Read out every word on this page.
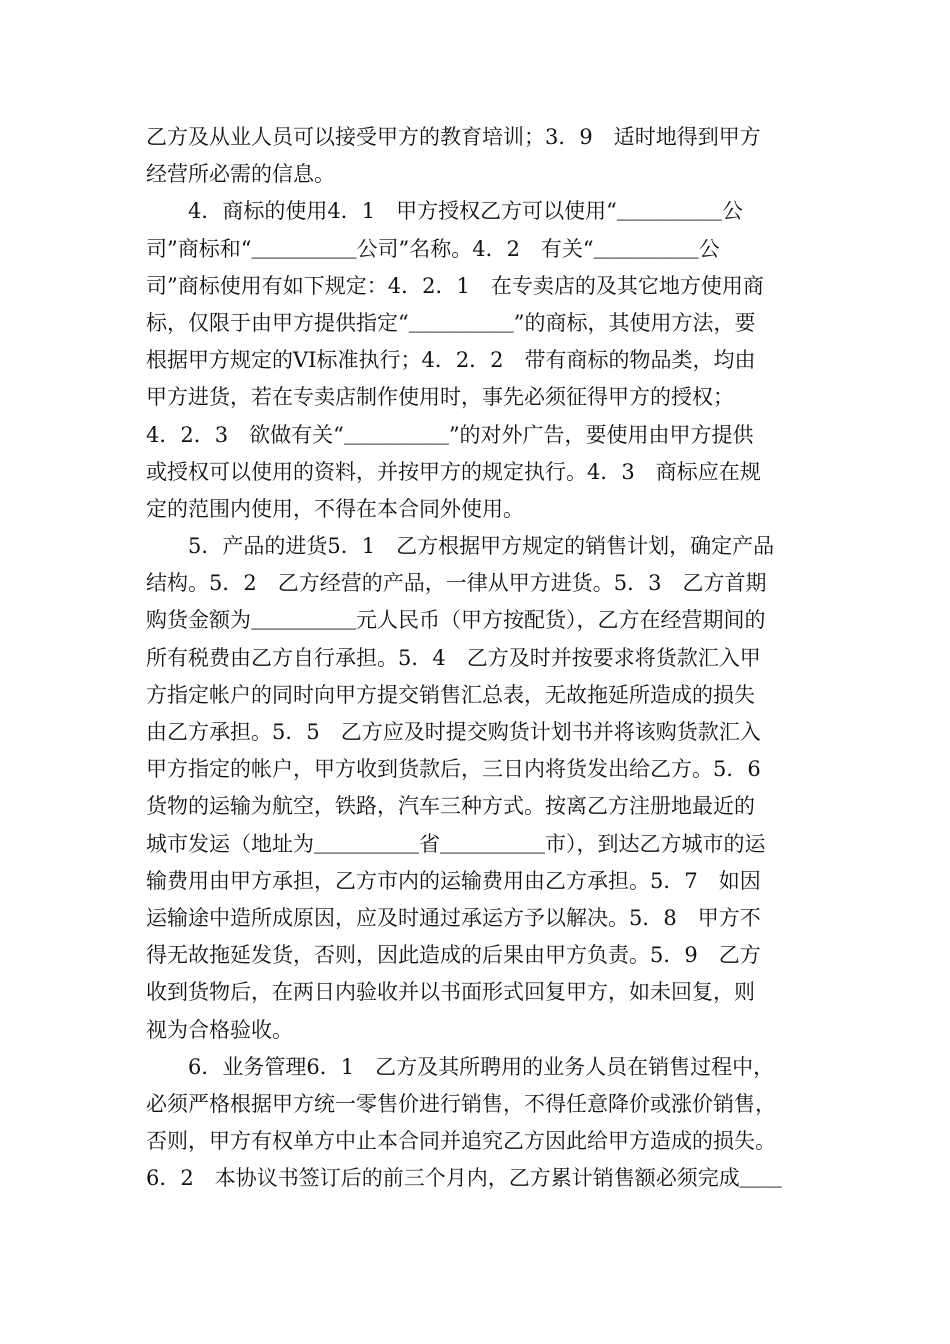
乙方及从业人员可以接受甲方的教育培训；3．9　适时地得到甲方
经营所必需的信息。
　　4．商标的使用4．1　甲方授权乙方可以使用“＿＿＿＿＿公
司”商标和“＿＿＿＿＿公司”名称。4．2　有关“＿＿＿＿＿公
司”商标使用有如下规定：4．2．1　在专卖店的及其它地方使用商
标，仅限于由甲方提供指定“＿＿＿＿＿”的商标，其使用方法，要
根据甲方规定的VI标准执行；4．2．2　带有商标的物品类，均由
甲方进货，若在专卖店制作使用时，事先必须征得甲方的授权；
4．2．3　欲做有关“＿＿＿＿＿”的对外广告，要使用由甲方提供
或授权可以使用的资料，并按甲方的规定执行。4．3　商标应在规
定的范围内使用，不得在本合同外使用。
　　5．产品的进货5．1　乙方根据甲方规定的销售计划，确定产品
结构。5．2　乙方经营的产品，一律从甲方进货。5．3　乙方首期
购货金额为＿＿＿＿＿元人民币（甲方按配货），乙方在经营期间的
所有税费由乙方自行承担。5．4　乙方及时并按要求将货款汇入甲
方指定帐户的同时向甲方提交销售汇总表，无故拖延所造成的损失
由乙方承担。5．5　乙方应及时提交购货计划书并将该购货款汇入
甲方指定的帐户，甲方收到货款后，三日内将货发出给乙方。5．6
货物的运输为航空，铁路，汽车三种方式。按离乙方注册地最近的
城市发运（地址为＿＿＿＿＿省＿＿＿＿＿市），到达乙方城市的运
输费用由甲方承担，乙方市内的运输费用由乙方承担。5．7　如因
运输途中造所成原因，应及时通过承运方予以解决。5．8　甲方不
得无故拖延发货，否则，因此造成的后果由甲方负责。5．9　乙方
收到货物后，在两日内验收并以书面形式回复甲方，如未回复，则
视为合格验收。
　　6．业务管理6．1　乙方及其所聘用的业务人员在销售过程中，
必须严格根据甲方统一零售价进行销售，不得任意降价或涨价销售，
否则，甲方有权单方中止本合同并追究乙方因此给甲方造成的损失。
6．2　本协议书签订后的前三个月内，乙方累计销售额必须完成＿＿
